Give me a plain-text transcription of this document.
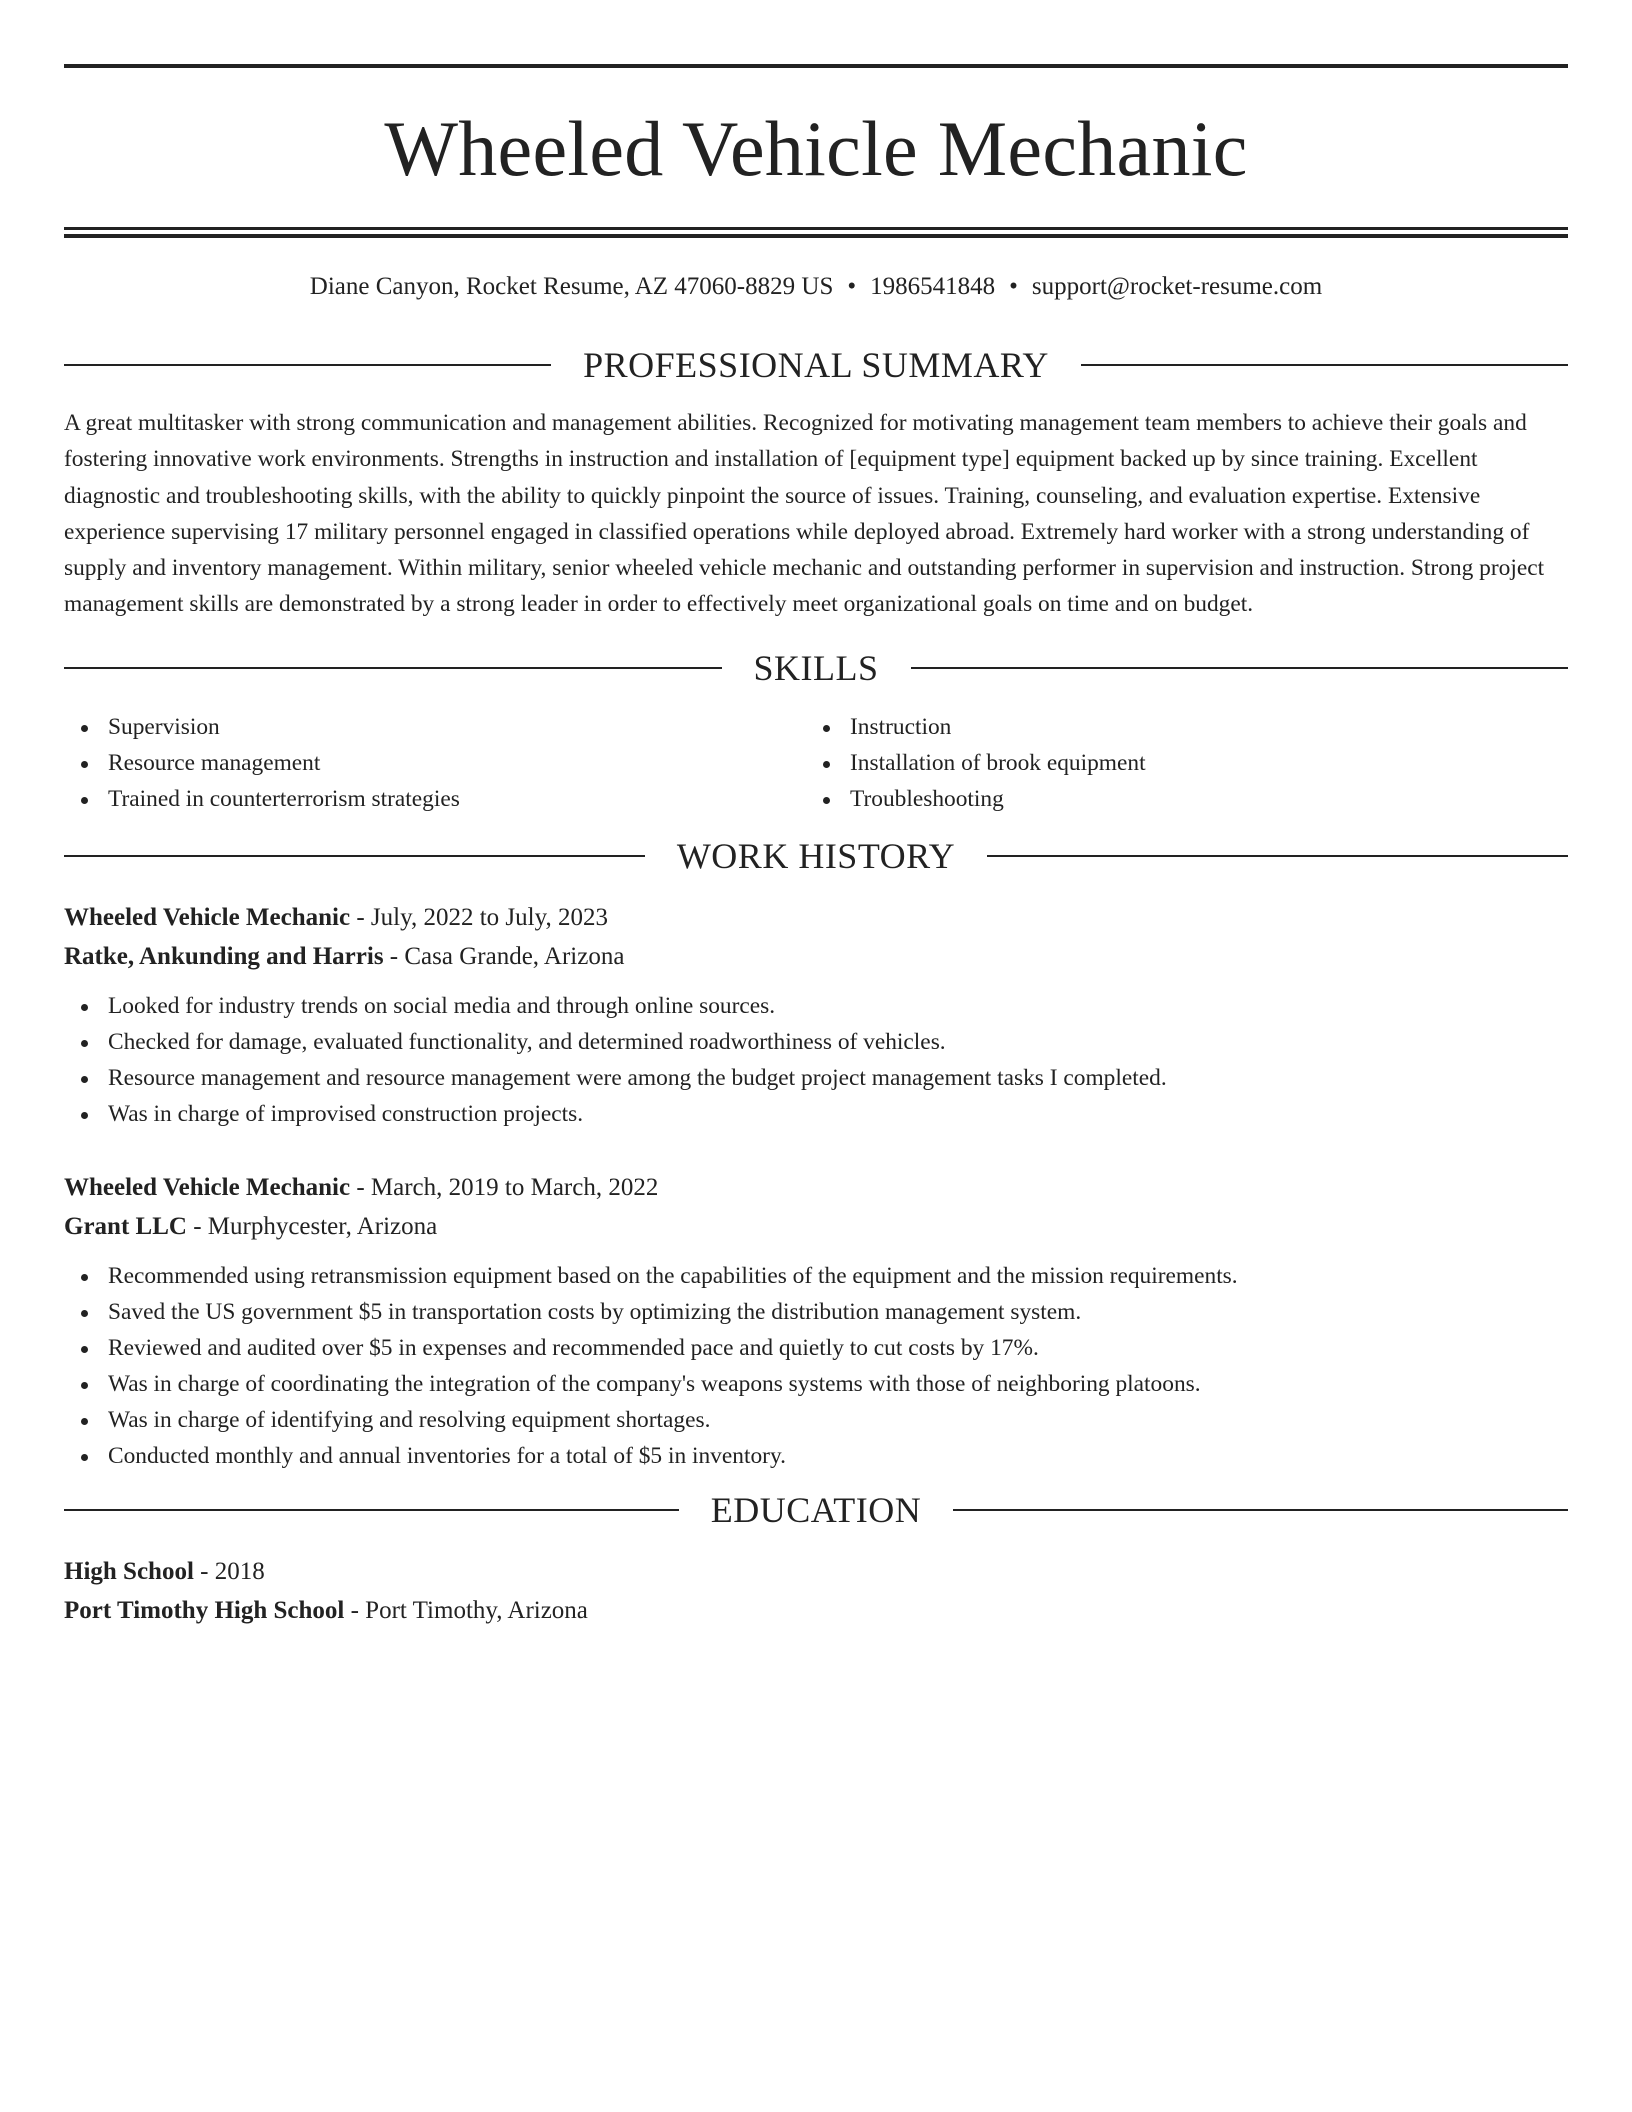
Wheeled Vehicle Mechanic
Diane Canyon, Rocket Resume, AZ 47060-8829 US • 1986541848 • support@rocket-resume.com
PROFESSIONAL SUMMARY

A great multitasker with strong communication and management abilities. Recognized for motivating management team members to achieve their goals and fostering innovative work environments. Strengths in instruction and installation of [equipment type] equipment backed up by since training. Excellent diagnostic and troubleshooting skills, with the ability to quickly pinpoint the source of issues. Training, counseling, and evaluation expertise. Extensive experience supervising 17 military personnel engaged in classified operations while deployed abroad. Extremely hard worker with a strong understanding of supply and inventory management. Within military, senior wheeled vehicle mechanic and outstanding performer in supervision and instruction. Strong project management skills are demonstrated by a strong leader in order to effectively meet organizational goals on time and on budget.

SKILLS
Supervision
Resource management
Trained in counterterrorism strategies
Instruction
Installation of brook equipment
Troubleshooting
WORK HISTORY
Wheeled Vehicle Mechanic - July, 2022 to July, 2023
Ratke, Ankunding and Harris - Casa Grande, Arizona
Looked for industry trends on social media and through online sources.
Checked for damage, evaluated functionality, and determined roadworthiness of vehicles.
Resource management and resource management were among the budget project management tasks I completed.
Was in charge of improvised construction projects.
Wheeled Vehicle Mechanic - March, 2019 to March, 2022
Grant LLC - Murphycester, Arizona
Recommended using retransmission equipment based on the capabilities of the equipment and the mission requirements.
Saved the US government $5 in transportation costs by optimizing the distribution management system.
Reviewed and audited over $5 in expenses and recommended pace and quietly to cut costs by 17%.
Was in charge of coordinating the integration of the company's weapons systems with those of neighboring platoons.
Was in charge of identifying and resolving equipment shortages.
Conducted monthly and annual inventories for a total of $5 in inventory.
EDUCATION
High School - 2018
Port Timothy High School - Port Timothy, Arizona
